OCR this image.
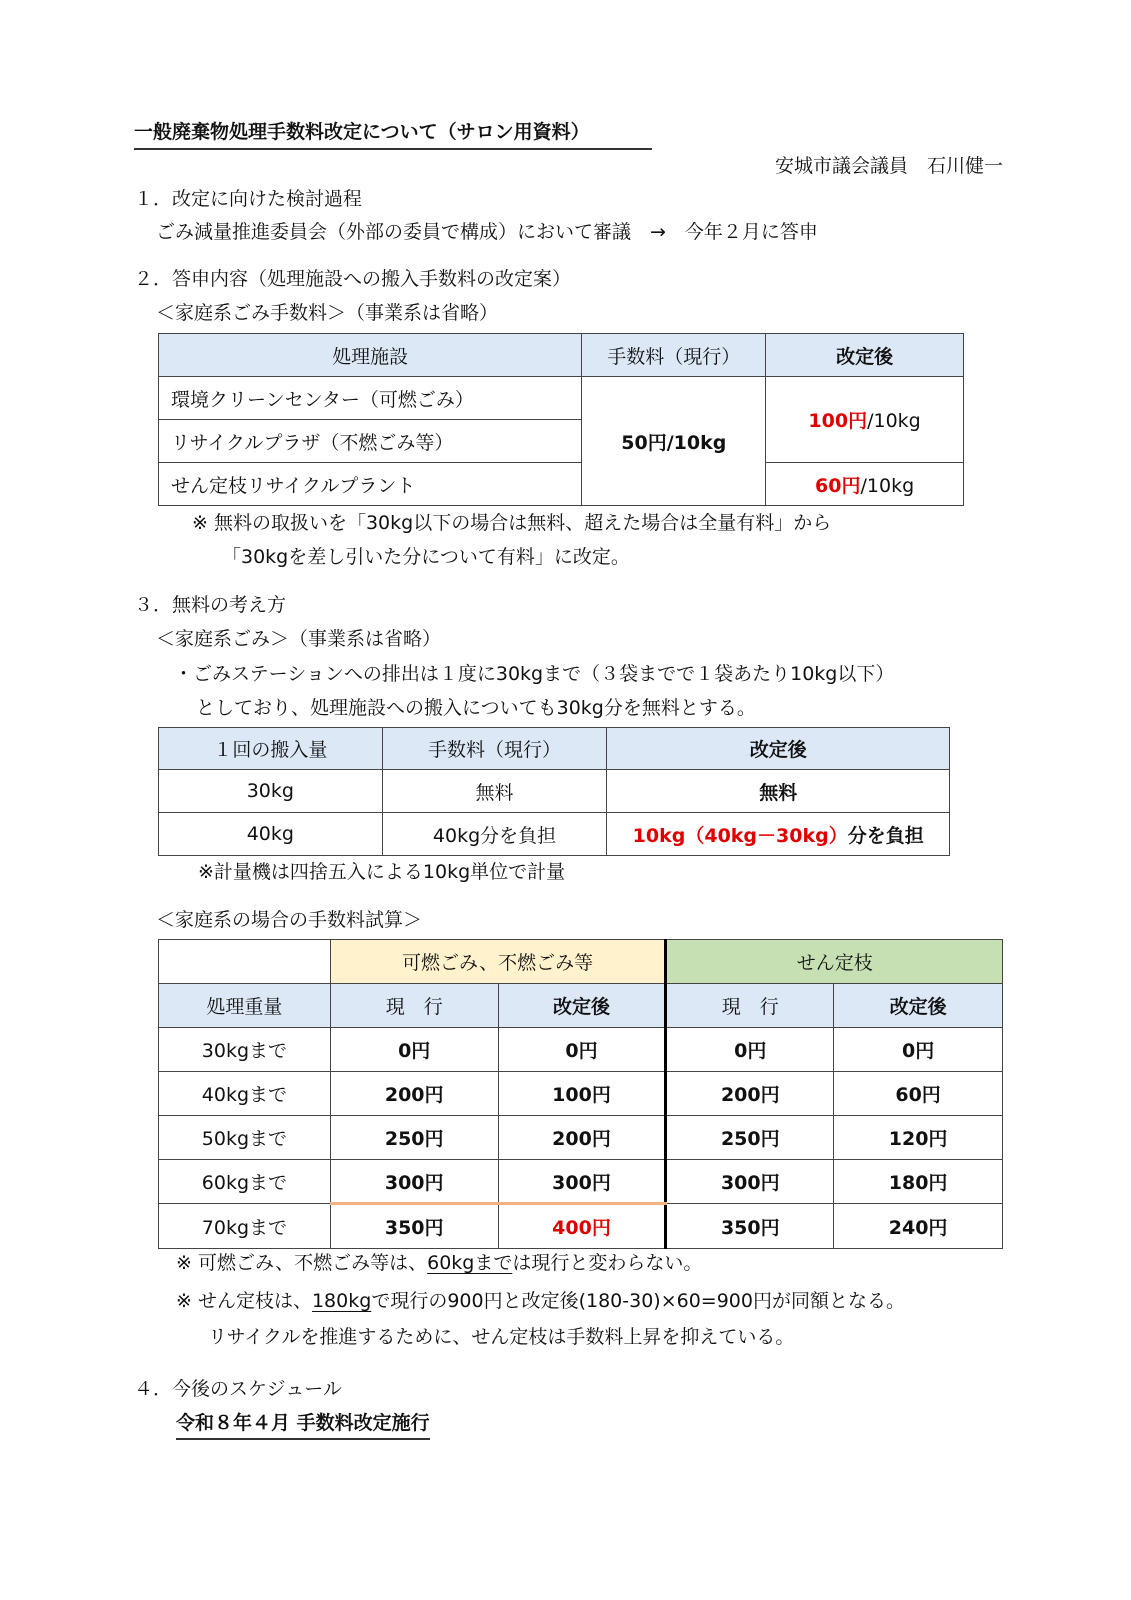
一般廃棄物処理手数料改定について（サロン用資料）
安城市議会議員　石川健一
１．改定に向けた検討過程
ごみ減量推進委員会（外部の委員で構成）において審議　→　今年２月に答申
２．答申内容（処理施設への搬入手数料の改定案）
＜家庭系ごみ手数料＞（事業系は省略）
処理施設	手数料（現行）	改定後
環境クリーンセンター（可燃ごみ）	50円/10kg	100円/10kg
リサイクルプラザ（不燃ごみ等）		
せん定枝リサイクルプラント		60円/10kg
※ 無料の取扱いを「30kg以下の場合は無料、超えた場合は全量有料」から
「30kgを差し引いた分について有料」に改定。
３．無料の考え方
＜家庭系ごみ＞（事業系は省略）
・ごみステーションへの排出は１度に30kgまで（３袋までで１袋あたり10kg以下）
としており、処理施設への搬入についても30kg分を無料とする。
１回の搬入量	手数料（現行）	改定後
30kg	無料	無料
40kg	40kg分を負担	10kg（40kg－30kg）分を負担
※計量機は四捨五入による10kg単位で計量
＜家庭系の場合の手数料試算＞
	可燃ごみ、不燃ごみ等		せん定枝	
処理重量	現　行	改定後	現　行	改定後
30kgまで	0円	0円	0円	0円
40kgまで	200円	100円	200円	60円
50kgまで	250円	200円	250円	120円
60kgまで	300円	300円	300円	180円
70kgまで	350円	400円	350円	240円
※ 可燃ごみ、不燃ごみ等は、60kgまでは現行と変わらない。
※ せん定枝は、180kgで現行の900円と改定後(180-30)×60=900円が同額となる。
リサイクルを推進するために、せん定枝は手数料上昇を抑えている。
４．今後のスケジュール
令和８年４月 手数料改定施行
